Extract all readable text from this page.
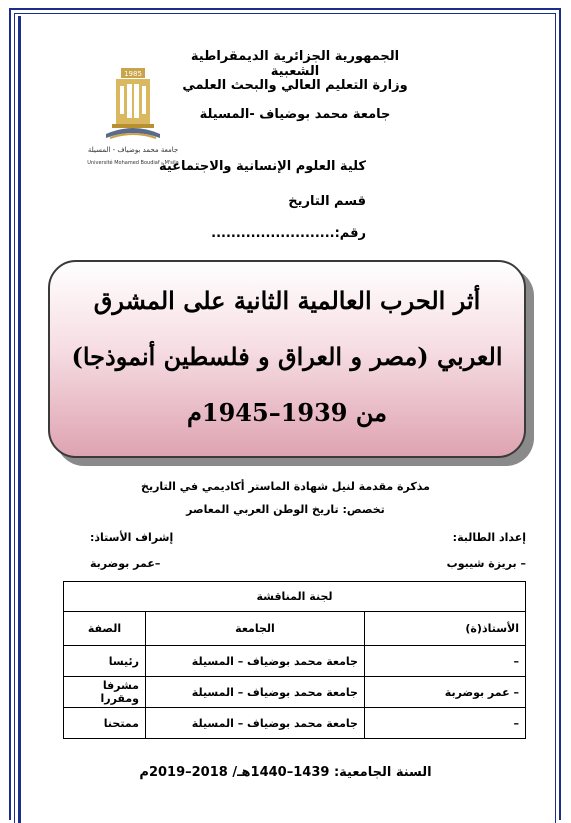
الجمهورية الجزائرية الديمقراطية الشعبية
وزارة التعليم العالي والبحث العلمي
جامعة محمد بوضياف -المسيلة
1985
جامعة محمد بوضياف - المسيلة
Université Mohamed Boudiaf - M'sila
كلية العلوم الإنسانية والاجتماعية
قسم التاريخ
رقم:.........................
أثر الحرب العالمية الثانية على المشرق
العربي (مصر و العراق و فلسطين أنموذجا)
من 1939–1945م
مذكرة مقدمة لنيل شهادة الماستر أكاديمي في التاريخ
تخصص: تاريخ الوطن العربي المعاصر
إعداد الطالبة:
– بريزة شيبوب
إشراف الأستاذ:
–عمر بوضربة
لجنة المناقشة		
الأستاذ(ة)	الجامعة	الصفة
–	جامعة محمد بوضياف – المسيلة	رئيسا
– عمر بوضربة	جامعة محمد بوضياف – المسيلة	مشرفا ومقررا
–	جامعة محمد بوضياف – المسيلة	ممتحنا
السنة الجامعية: 1439–1440هـ/ 2018–2019م
